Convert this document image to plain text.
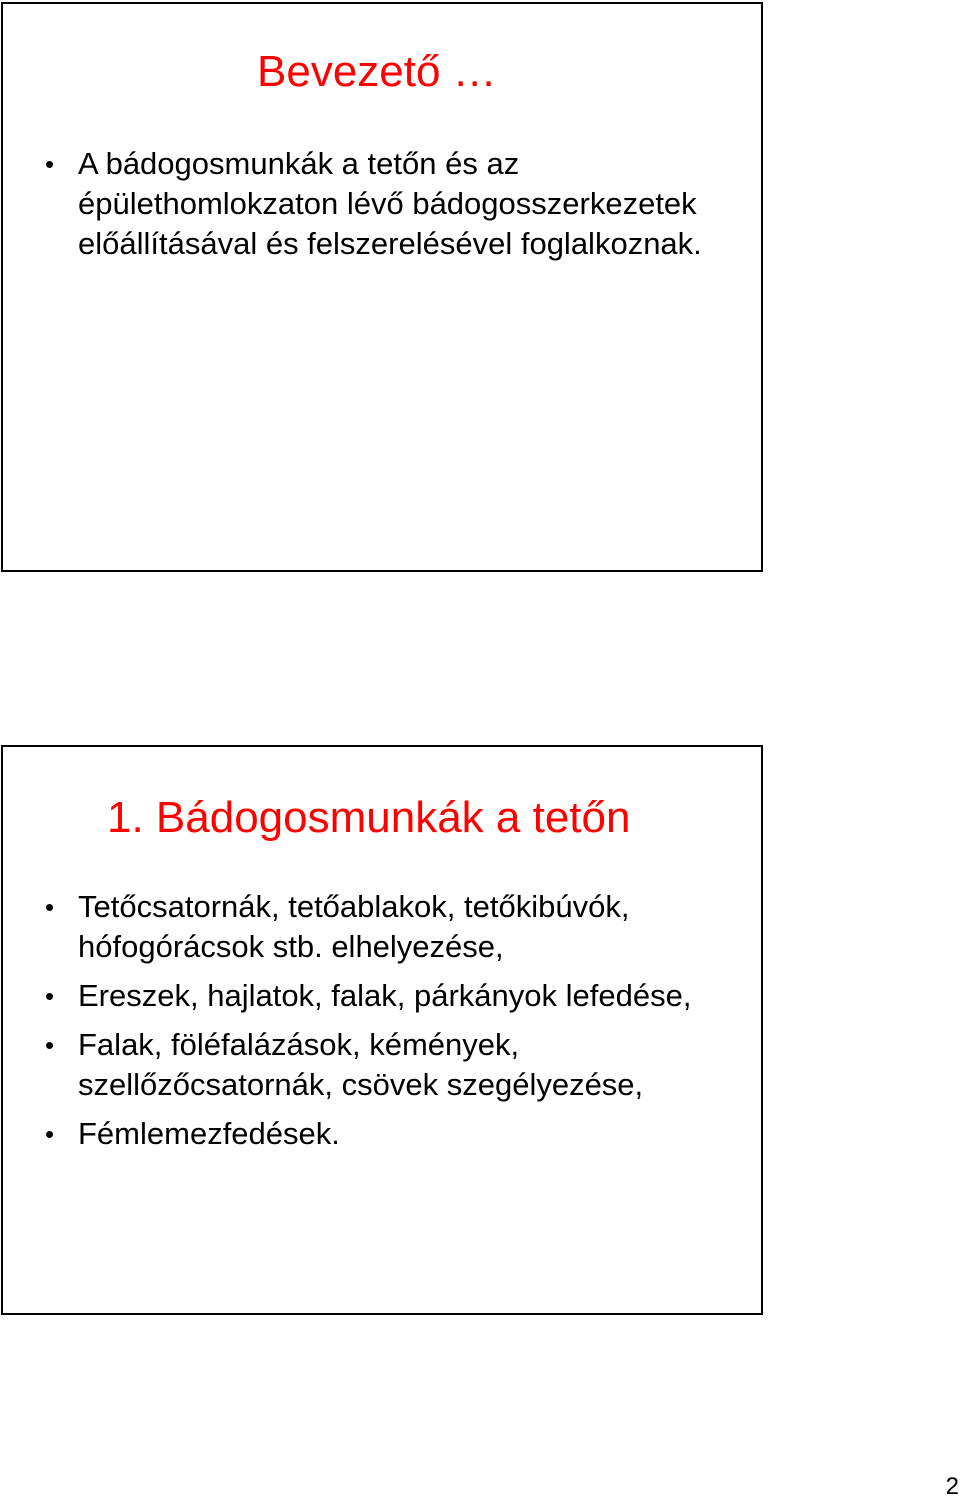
Bevezető …
• A bádogosmunkák a tetőn és az épülethomlokzaton lévő bádogosszerkezetek előállításával és felszerelésével foglalkoznak.
1. Bádogosmunkák a tetőn
• Tetőcsatornák, tetőablakok, tetőkibúvók, hófogórácsok stb. elhelyezése,
• Ereszek, hajlatok, falak, párkányok lefedése,
• Falak, föléfalázások, kémények, szellőzőcsatornák, csövek szegélyezése,
• Fémlemezfedések.
2
